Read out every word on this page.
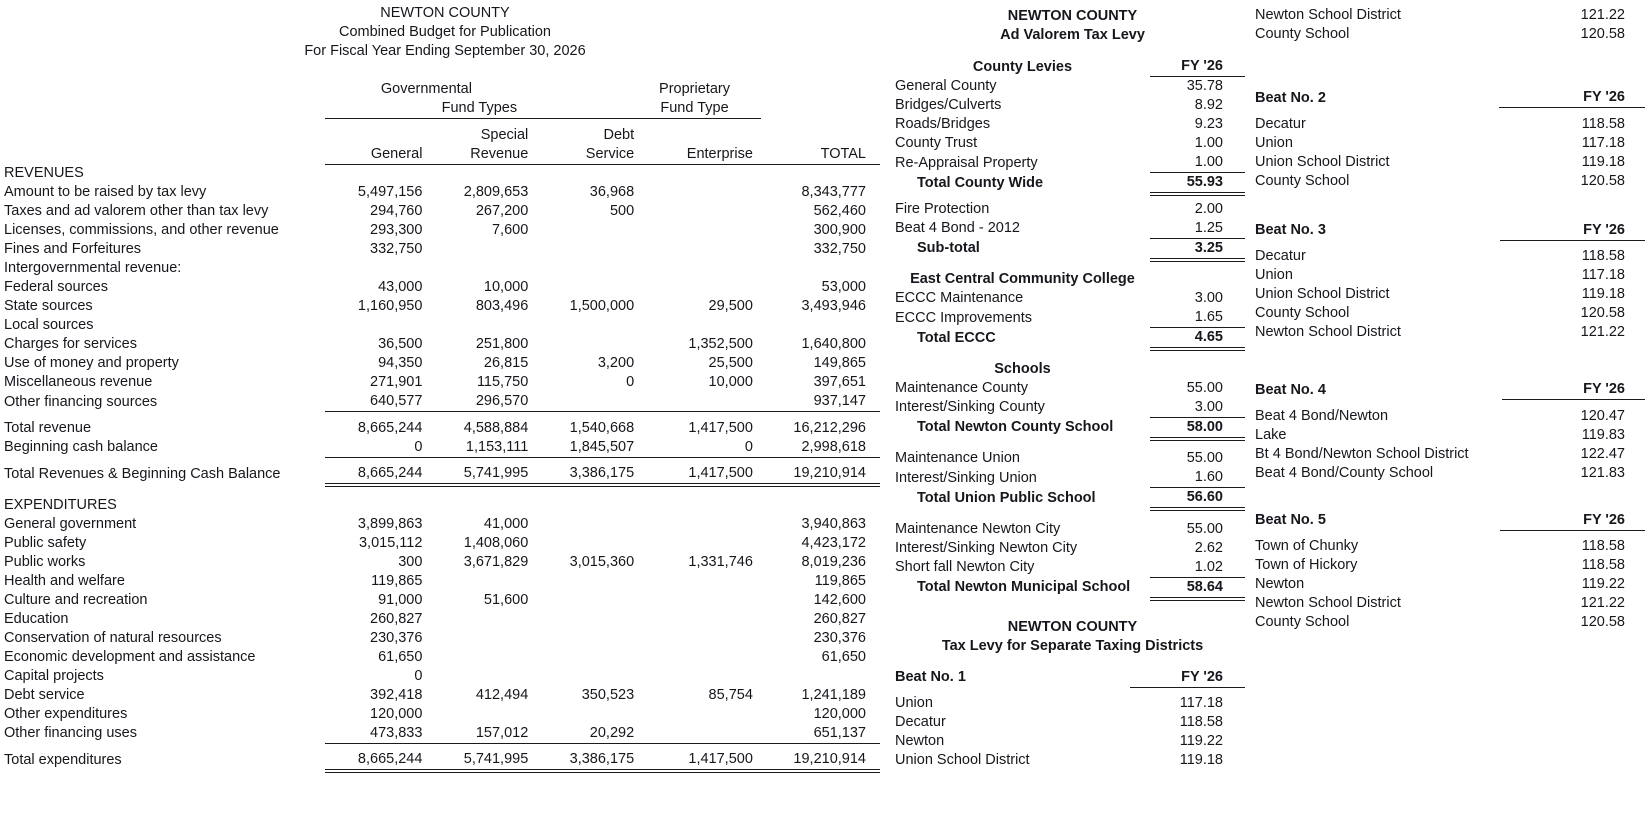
NEWTON COUNTY
Combined Budget for Publication
For Fiscal Year Ending September 30, 2026

	Governmental			Proprietary	
	Fund Types			Fund Type	

		Special	Debt		
	General	Revenue	Service	Enterprise	TOTAL
REVENUES					
Amount to be raised by tax levy	5,497,156	2,809,653	36,968		8,343,777
Taxes and ad valorem other than tax levy	294,760	267,200	500		562,460
Licenses, commissions, and other revenue	293,300	7,600			300,900
Fines and Forfeitures	332,750				332,750
Intergovernmental revenue:					
Federal sources	43,000	10,000			53,000
State sources	1,160,950	803,496	1,500,000	29,500	3,493,946
Local sources					
Charges for services	36,500	251,800		1,352,500	1,640,800
Use of money and property	94,350	26,815	3,200	25,500	149,865
Miscellaneous revenue	271,901	115,750	0	10,000	397,651
Other financing sources	640,577	296,570			937,147

Total revenue	8,665,244	4,588,884	1,540,668	1,417,500	16,212,296
Beginning cash balance	0	1,153,111	1,845,507	0	2,998,618

Total Revenues & Beginning Cash Balance	8,665,244	5,741,995	3,386,175	1,417,500	19,210,914

EXPENDITURES					
General government	3,899,863	41,000			3,940,863
Public safety	3,015,112	1,408,060			4,423,172
Public works	300	3,671,829	3,015,360	1,331,746	8,019,236
Health and welfare	119,865				119,865
Culture and recreation	91,000	51,600			142,600
Education	260,827				260,827
Conservation of natural resources	230,376				230,376
Economic development and assistance	61,650				61,650
Capital projects	0				
Debt service	392,418	412,494	350,523	85,754	1,241,189
Other expenditures	120,000				120,000
Other financing uses	473,833	157,012	20,292		651,137

Total expenditures	8,665,244	5,741,995	3,386,175	1,417,500	19,210,914
NEWTON COUNTY
Ad Valorem Tax Levy

County Levies	FY '26
General County	35.78
Bridges/Culverts	8.92
Roads/Bridges	9.23
County Trust	1.00
Re-Appraisal Property	1.00
Total County Wide	55.93

Fire Protection	2.00
Beat 4 Bond - 2012	1.25
Sub-total	3.25

East Central Community College	
ECCC Maintenance	3.00
ECCC Improvements	1.65
Total ECCC	4.65

Schools	
Maintenance County	55.00
Interest/Sinking County	3.00
Total Newton County School	58.00

Maintenance Union	55.00
Interest/Sinking Union	1.60
Total Union Public School	56.60

Maintenance Newton City	55.00
Interest/Sinking Newton City	2.62
Short fall Newton City	1.02
Total Newton Municipal School	58.64
NEWTON COUNTY
Tax Levy for Separate Taxing Districts

Beat No. 1	FY '26

Union	117.18
Decatur	118.58
Newton	119.22
Union School District	119.18
Newton School District	121.22
County School	120.58
Beat No. 2	FY '26

Decatur	118.58
Union	117.18
Union School District	119.18
County School	120.58
Beat No. 3	FY '26

Decatur	118.58
Union	117.18
Union School District	119.18
County School	120.58
Newton School District	121.22
Beat No. 4	FY '26

Beat 4 Bond/Newton	120.47
Lake	119.83
Bt 4 Bond/Newton School District	122.47
Beat 4 Bond/County School	121.83
Beat No. 5	FY '26

Town of Chunky	118.58
Town of Hickory	118.58
Newton	119.22
Newton School District	121.22
County School	120.58
